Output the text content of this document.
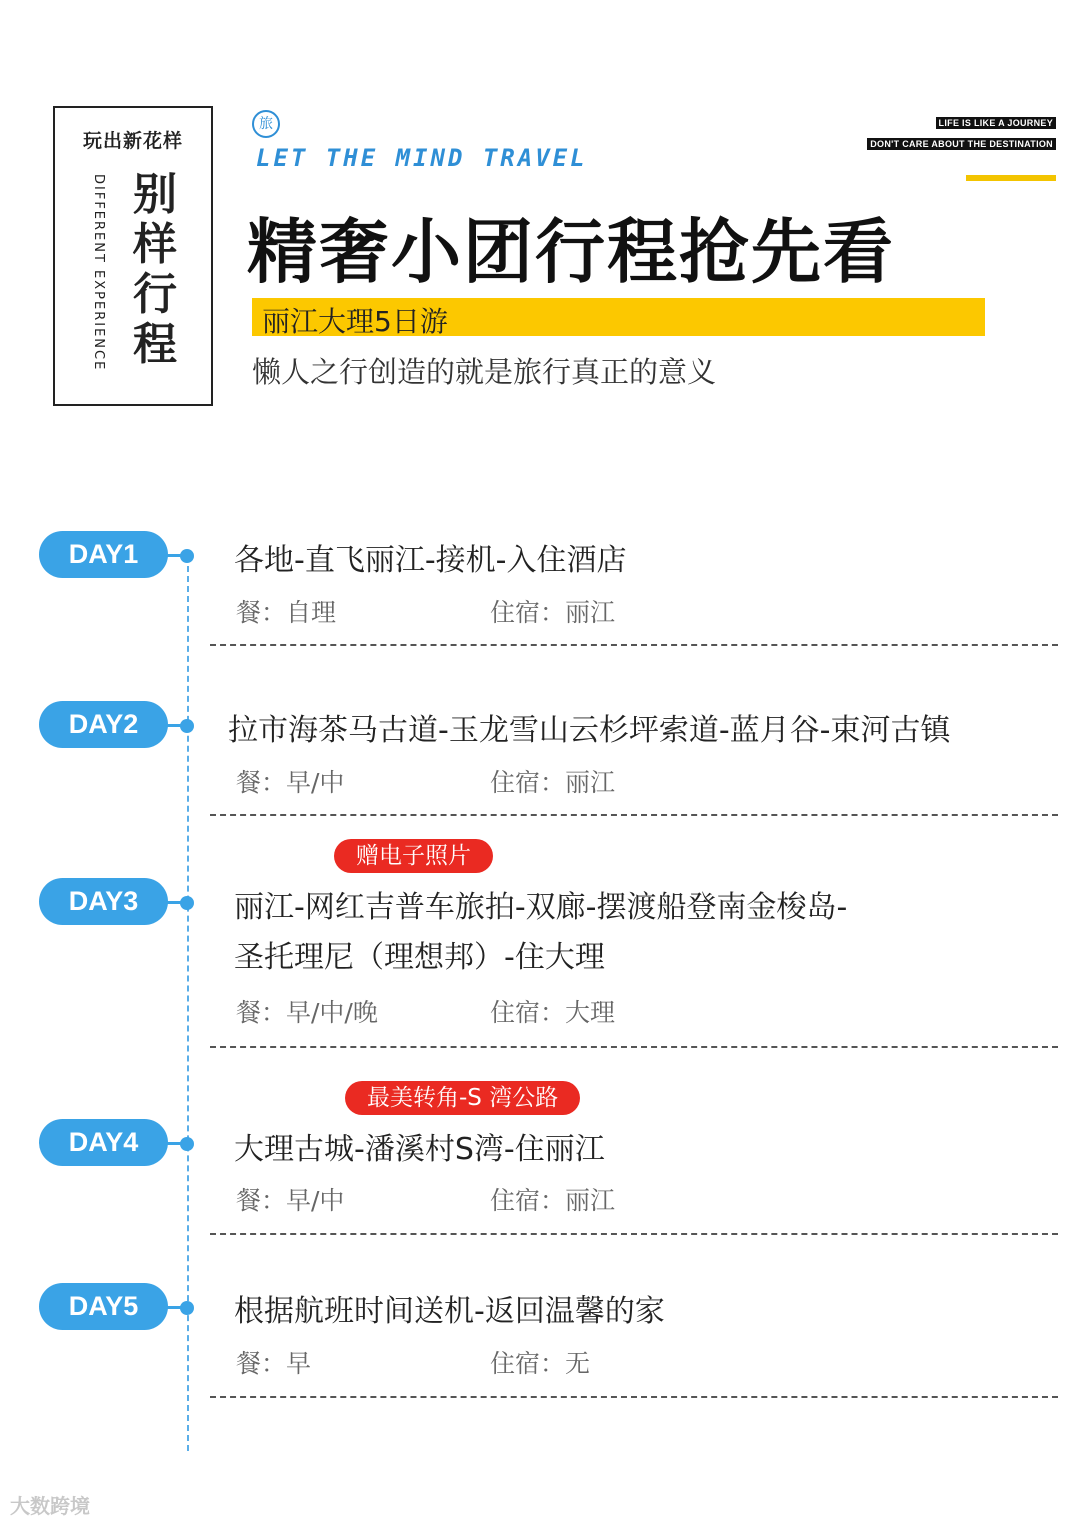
玩出新花样
DIFFERENT EXPERIENCE 别
样
行
程
旅
LET THE MIND TRAVEL
LIFE IS LIKE A JOURNEY
DON'T CARE ABOUT THE DESTINATION
精奢小团行程抢先看
丽江大理5日游
懒人之行创造的就是旅行真正的意义
DAY1	各地-直飞丽江-接机-入住酒店
餐：自理	住宿：丽江
DAY2	拉市海茶马古道-玉龙雪山云杉坪索道-蓝月谷-束河古镇
餐：早/中	住宿：丽江
赠电子照片
DAY3	丽江-网红吉普车旅拍-双廊-摆渡船登南金梭岛-
圣托理尼（理想邦）-住大理
餐：早/中/晚	住宿：大理
最美转角-S 湾公路
DAY4	大理古城-潘溪村S湾-住丽江
餐：早/中	住宿：丽江
DAY5	根据航班时间送机-返回温馨的家
餐：早	住宿：无
大数跨境
